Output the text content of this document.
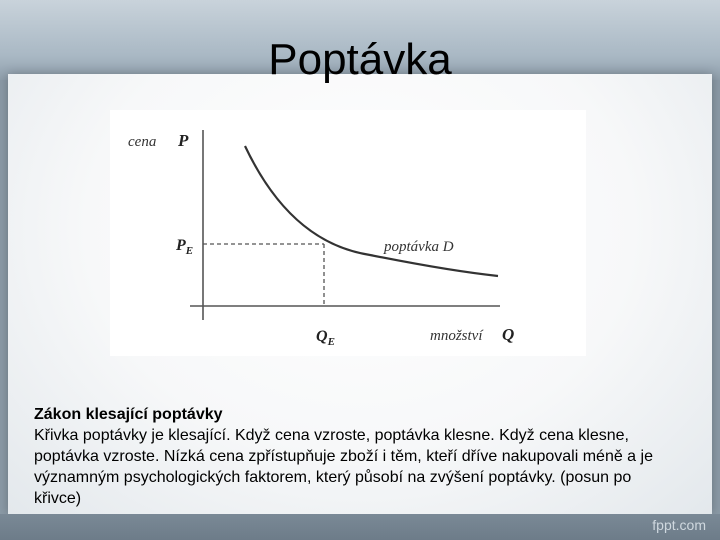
Poptávka
cena P
$P_E$	poptávka D
$Q_E$	množství Q
Zákon klesající poptávky
Křivka poptávky je klesající. Když cena vzroste, poptávka klesne. Když cena klesne, poptávka vzroste. Nízká cena zpřístupňuje zboží i těm, kteří dříve nakupovali méně a je významným psychologických faktorem, který působí na zvýšení poptávky. (posun po křivce)
fppt.com
